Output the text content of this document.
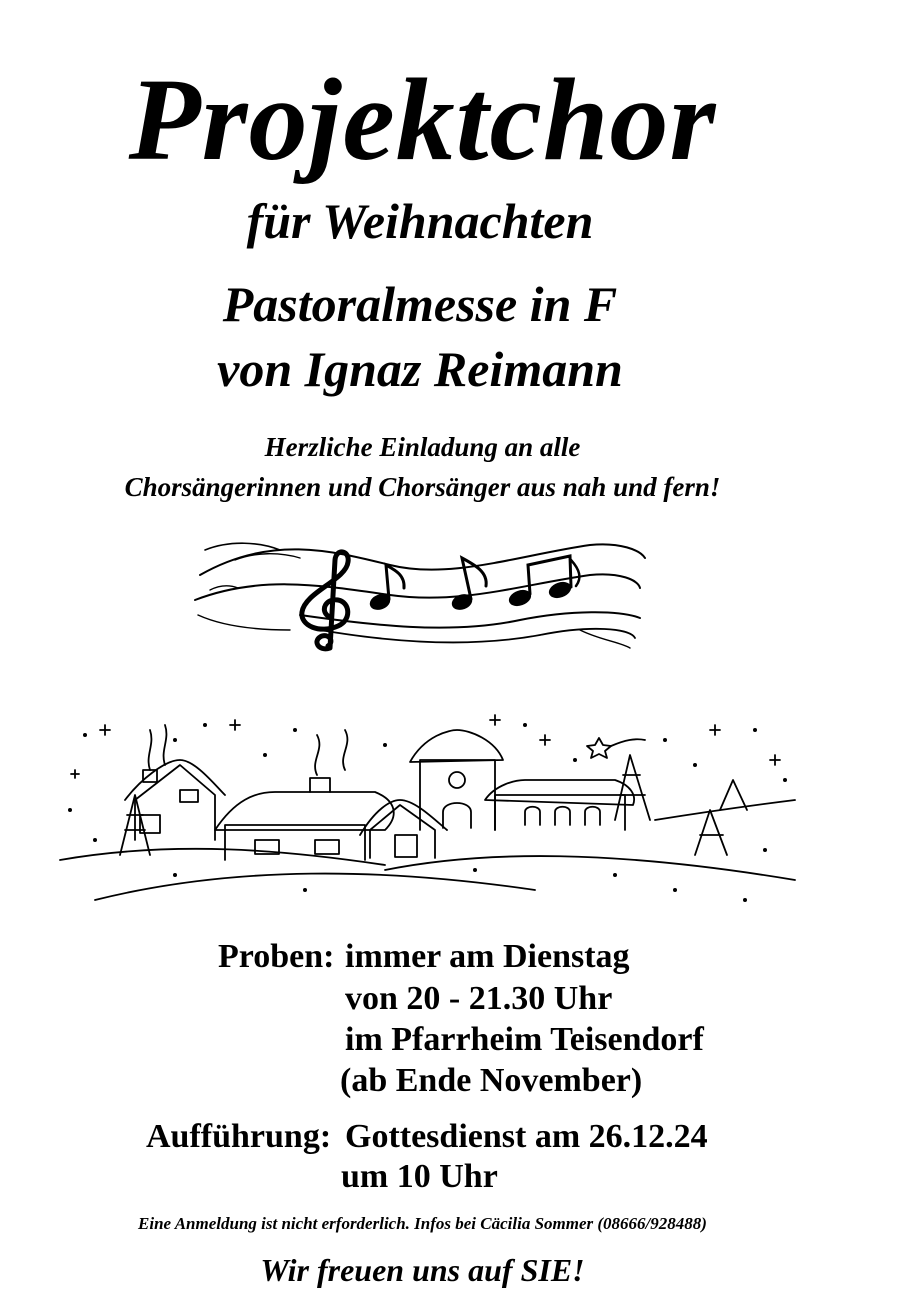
Projektchor
für Weihnachten
Pastoralmesse in F
von Ignaz Reimann
Herzliche Einladung an alle
Chorsängerinnen und Chorsänger aus nah und fern!
Proben: immer am Dienstag
von 20 - 21.30 Uhr
im Pfarrheim Teisendorf
(ab Ende November)
Aufführung: Gottesdienst am 26.12.24
um 10 Uhr
Eine Anmeldung ist nicht erforderlich. Infos bei Cäcilia Sommer (08666/928488)
Wir freuen uns auf SIE!
